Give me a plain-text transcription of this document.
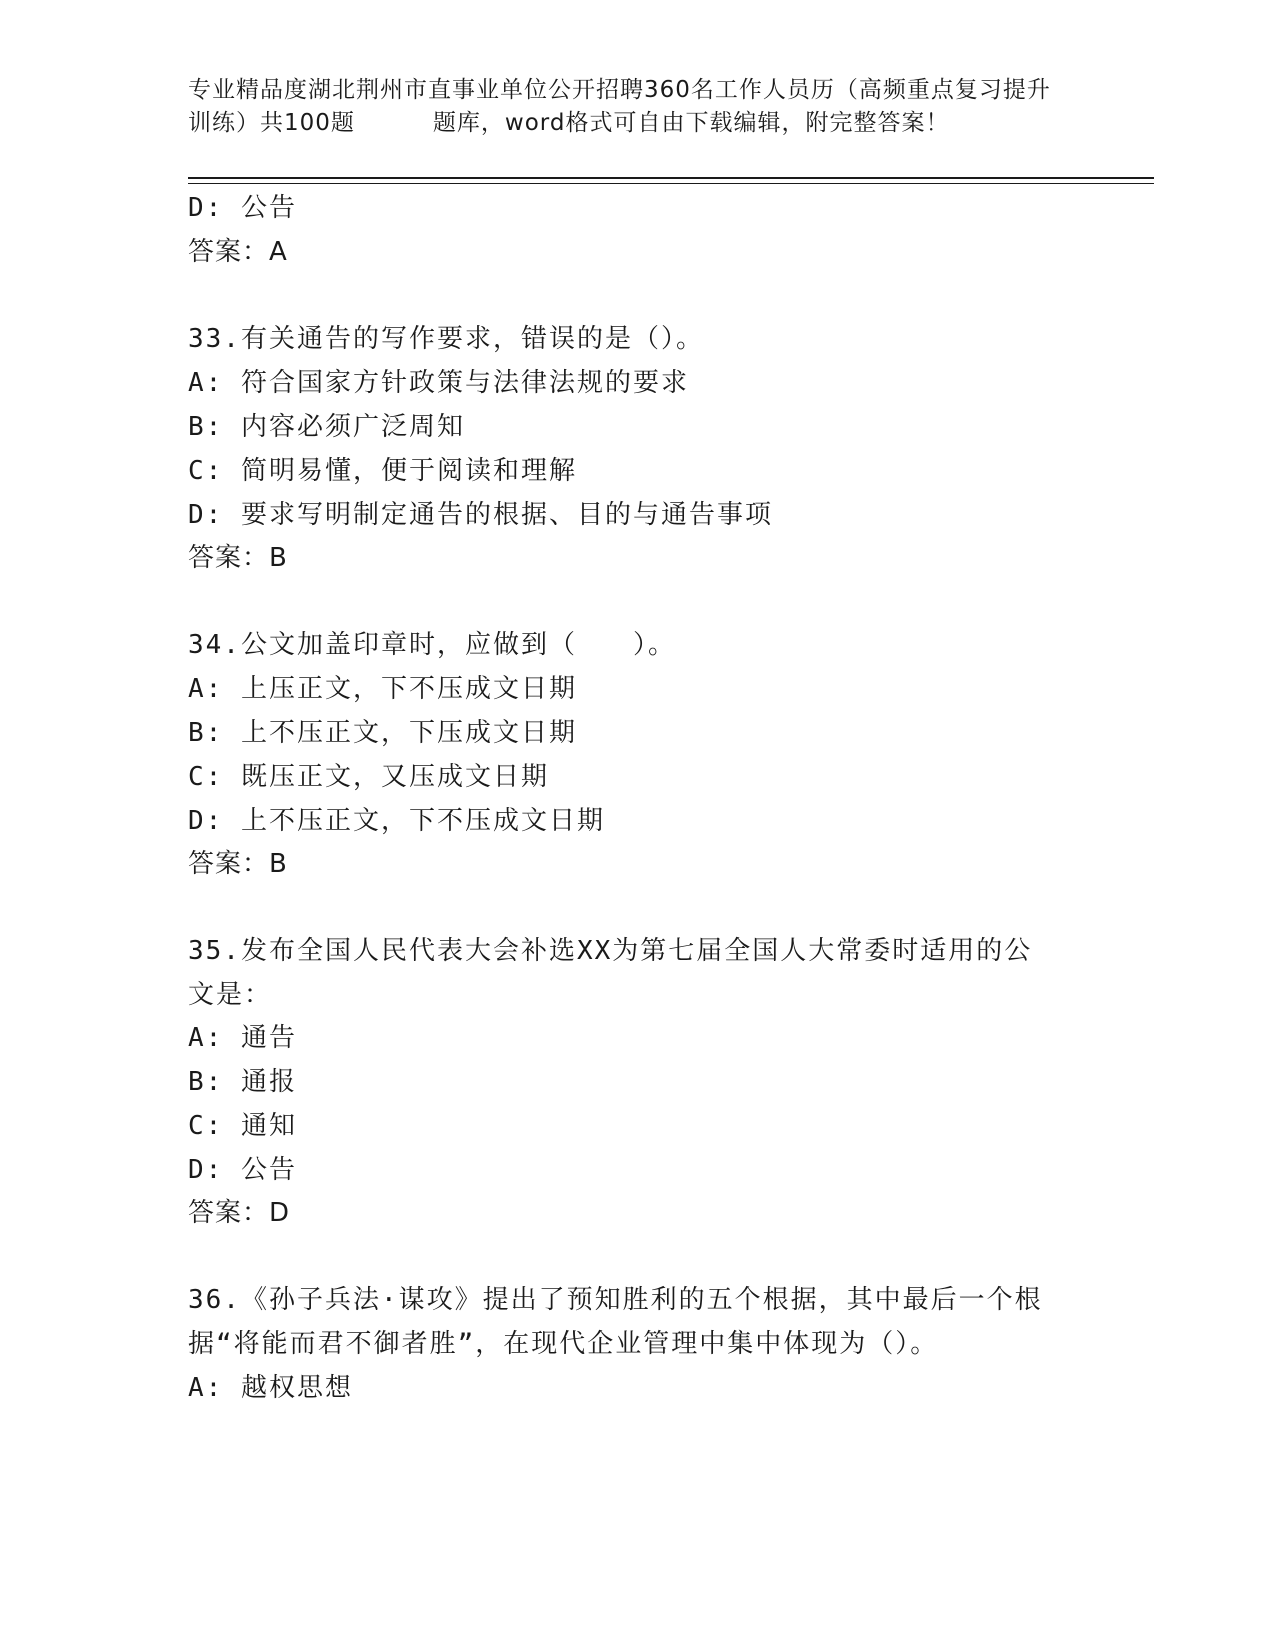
专业精品度湖北荆州市直事业单位公开招聘360名工作人员历（高频重点复习提升
训练）共100题	题库，word格式可自由下载编辑，附完整答案！
D: 公告
答案：A
33.有关通告的写作要求，错误的是（）。
A: 符合国家方针政策与法律法规的要求
B: 内容必须广泛周知
C: 简明易懂，便于阅读和理解
D: 要求写明制定通告的根据、目的与通告事项
答案：B
34.公文加盖印章时，应做到（　　）。
A: 上压正文，下不压成文日期
B: 上不压正文，下压成文日期
C: 既压正文，又压成文日期
D: 上不压正文，下不压成文日期
答案：B
35.发布全国人民代表大会补选XX为第七届全国人大常委时适用的公
文是：
A: 通告
B: 通报
C: 通知
D: 公告
答案：D
36.《孙子兵法·谋攻》提出了预知胜利的五个根据，其中最后一个根
据“将能而君不御者胜”，在现代企业管理中集中体现为（）。
A: 越权思想
